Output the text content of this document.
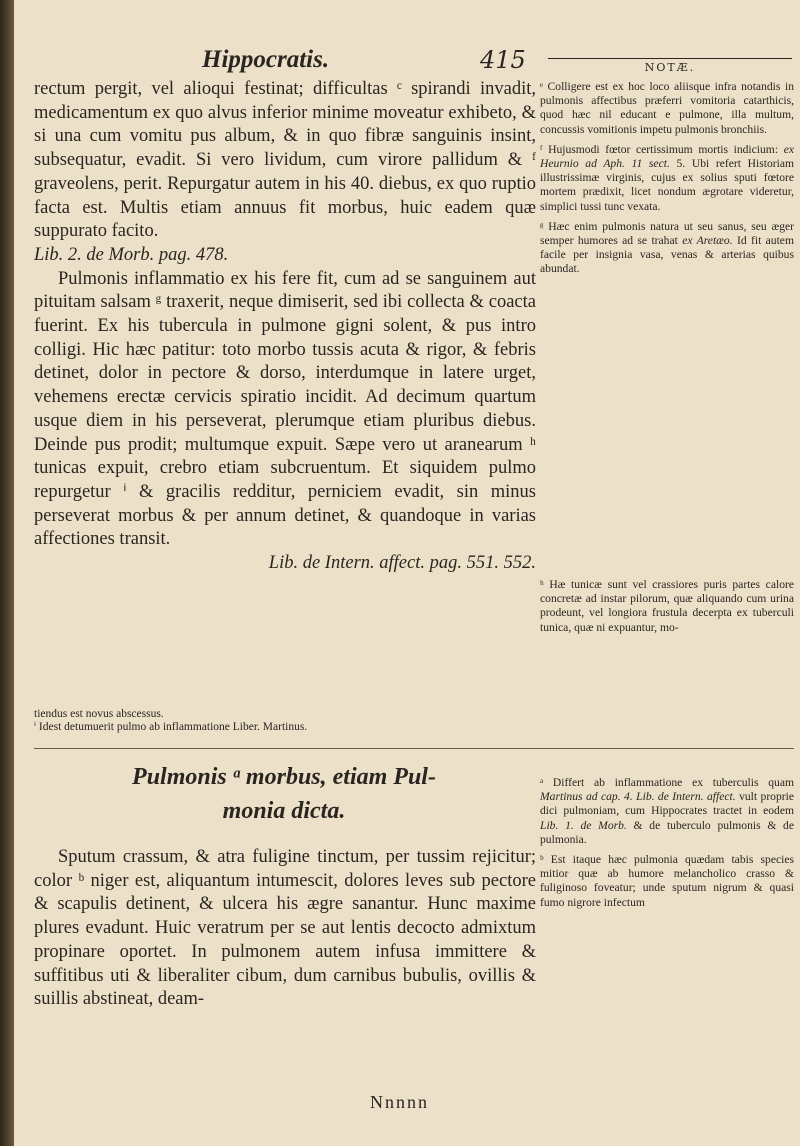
Hippocratis.	415	NOTÆ.

rectum pergit, vel alioqui festinat; difficultas ᶜ spirandi invadit, medicamentum ex quo alvus inferior minime moveatur exhibeto, & si una cum vomitu pus album, & in quo fibræ sanguinis insint, subsequatur, evadit. Si vero lividum, cum virore pallidum & ᶠ graveolens, perit. Repurgatur autem in his 40. diebus, ex quo ruptio facta est. Multis etiam annuus fit morbus, huic eadem quæ suppurato facito.

Lib. 2. de Morb. pag. 478.

Pulmonis inflammatio ex his fere fit, cum ad se sanguinem aut pituitam salsam ᵍ traxerit, neque dimiserit, sed ibi collecta & coacta fuerint. Ex his tubercula in pulmone gigni solent, & pus intro colligi. Hic hæc patitur: toto morbo tussis acuta & rigor, & febris detinet, dolor in pectore & dorso, interdumque in latere urget, vehemens erectæ cervicis spiratio incidit. Ad decimum quartum usque diem in his perseverat, plerumque etiam pluribus diebus. Deinde pus prodit; multumque expuit. Sæpe vero ut aranearum ʰ tunicas expuit, crebro etiam subcruentum. Et siquidem pulmo repurgetur ⁱ & gracilis redditur, perniciem evadit, sin minus perseverat morbus & per annum detinet, & quandoque in varias affectiones transit.

Lib. de Intern. affect. pag. 551. 552.

ᵉ Colligere est ex hoc loco aliisque infra notandis in pulmonis affectibus præferri vomitoria catarthicis, quod hæc nil educant e pulmone, illa multum, concussis vomitionis impetu pulmonis bronchiis.

ᶠ Hujusmodi fœtor certissimum mortis indicium: ex Heurnio ad Aph. 11 sect. 5. Ubi refert Historiam illustrissimæ virginis, cujus ex solius sputi fœtore mortem prædixit, licet nondum ægrotare videretur, simplici tussi tunc vexata.

ᵍ Hæc enim pulmonis natura ut seu sanus, seu æger semper humores ad se trahat ex Aretæo. Id fit autem facile per insignia vasa, venas & arterias quibus abundat.

ʰ Hæ tunicæ sunt vel crassiores puris partes calore concretæ ad instar pilorum, quæ aliquando cum urina prodeunt, vel longiora frustula decerpta ex tuberculi tunica, quæ ni expuantur, mo-

tiendus est novus abscessus.

ⁱ Idest detumuerit pulmo ab inflammatione Liber. Martinus.

Pulmonis ᵃ morbus, etiam Pul-
monia dicta.

Sputum crassum, & atra fuligine tinctum, per tussim rejicitur; color ᵇ niger est, aliquantum intumescit, dolores leves sub pectore & scapulis detinent, & ulcera his ægre sanantur. Hunc maxime plures evadunt. Huic veratrum per se aut lentis decocto admixtum propinare oportet. In pulmonem autem infusa immittere & suffitibus uti & liberaliter cibum, dum carnibus bubulis, ovillis & suillis abstineat, deam-

ᵃ Differt ab inflammatione ex tuberculis quam Martinus ad cap. 4. Lib. de Intern. affect. vult proprie dici pulmoniam, cum Hippocrates tractet in eodem Lib. 1. de Morb. & de tuberculo pulmonis & de pulmonia.

ᵇ Est itaque hæc pulmonia quædam tabis species mitior quæ ab humore melancholico crasso & fuliginoso foveatur; unde sputum nigrum & quasi fumo nigrore infectum

Nnnnn
